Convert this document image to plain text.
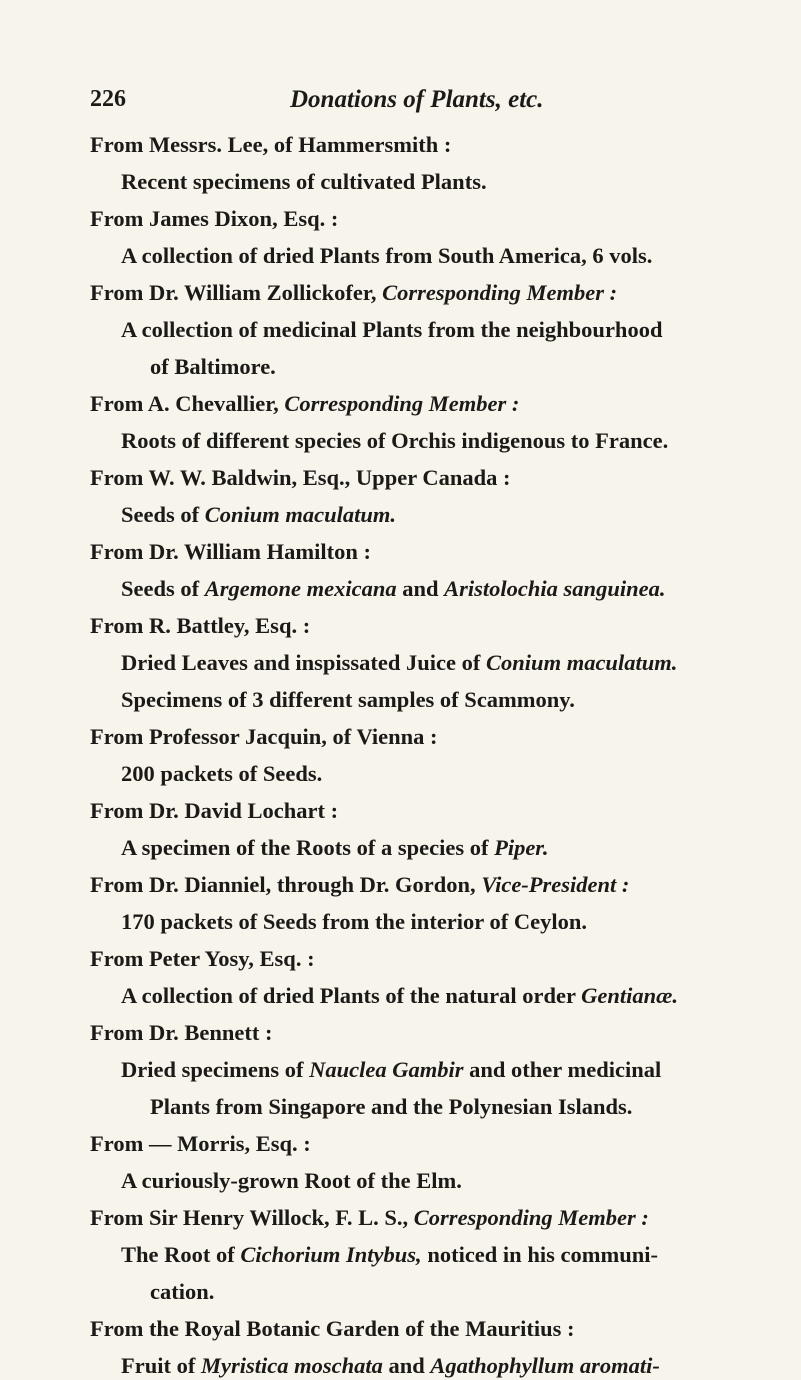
226	Donations of Plants, etc.
From Messrs. Lee, of Hammersmith :
Recent specimens of cultivated Plants.
From James Dixon, Esq. :
A collection of dried Plants from South America, 6 vols.
From Dr. William Zollickofer, Corresponding Member :
A collection of medicinal Plants from the neighbourhood
of Baltimore.
From A. Chevallier, Corresponding Member :
Roots of different species of Orchis indigenous to France.
From W. W. Baldwin, Esq., Upper Canada :
Seeds of Conium maculatum.
From Dr. William Hamilton :
Seeds of Argemone mexicana and Aristolochia sanguinea.
From R. Battley, Esq. :
Dried Leaves and inspissated Juice of Conium maculatum.
Specimens of 3 different samples of Scammony.
From Professor Jacquin, of Vienna :
200 packets of Seeds.
From Dr. David Lochart :
A specimen of the Roots of a species of Piper.
From Dr. Dianniel, through Dr. Gordon, Vice-President :
170 packets of Seeds from the interior of Ceylon.
From Peter Yosy, Esq. :
A collection of dried Plants of the natural order Gentianæ.
From Dr. Bennett :
Dried specimens of Nauclea Gambir and other medicinal
Plants from Singapore and the Polynesian Islands.
From — Morris, Esq. :
A curiously-grown Root of the Elm.
From Sir Henry Willock, F. L. S., Corresponding Member :
The Root of Cichorium Intybus, noticed in his communi-
cation.
From the Royal Botanic Garden of the Mauritius :
Fruit of Myristica moschata and Agathophyllum aromati-
